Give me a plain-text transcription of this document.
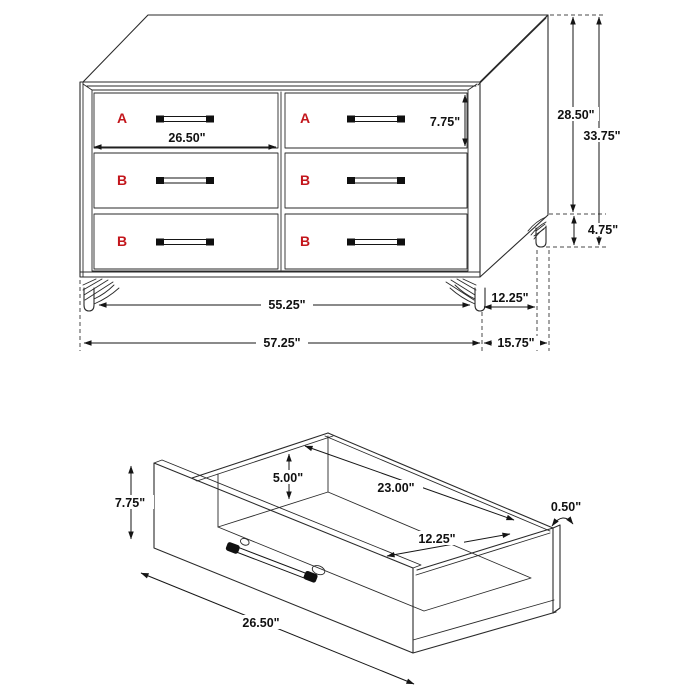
26.50"
7.75"	28.50"
33.75"
4.75"
12.25"
55.25"
57.25"	15.75"
A	A
B	B
B	B
7.75"
5.00"
23.00"
12.25"
26.50"
0.50"
